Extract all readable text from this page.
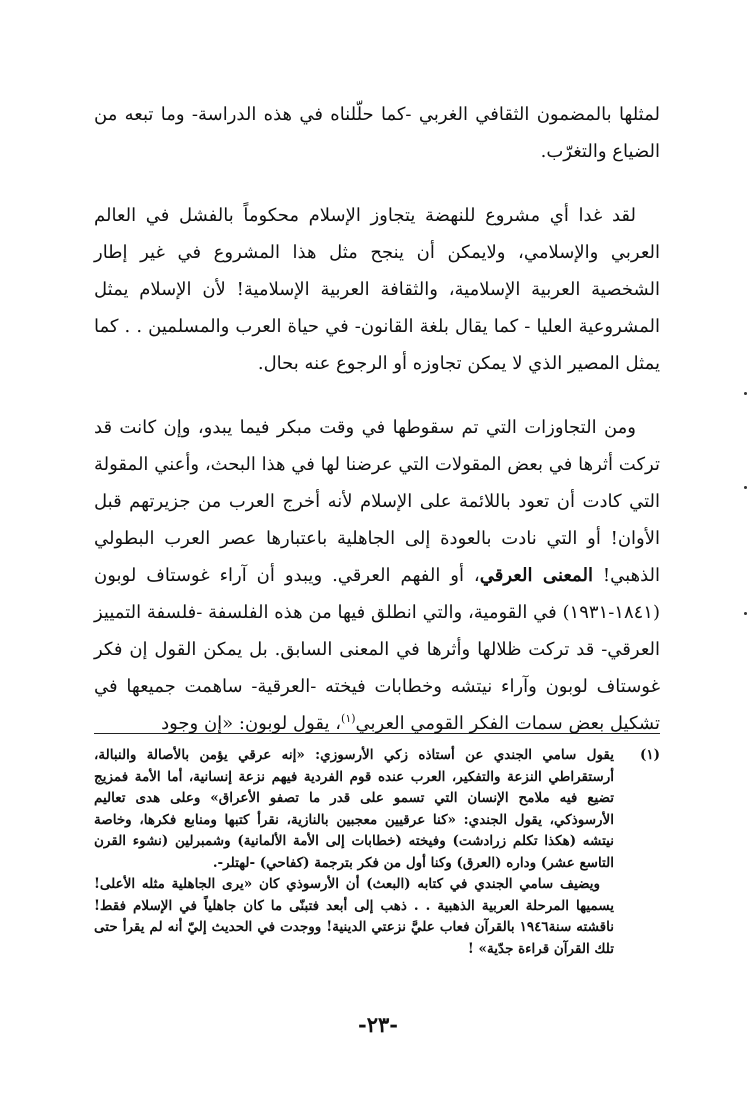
لمثلها بالمضمون الثقافي الغربي -كما حلّلناه في هذه الدراسة- وما تبعه من الضياع والتغرّب.

لقد غدا أي مشروع للنهضة يتجاوز الإسلام محكوماً بالفشل في العالم العربي والإسلامي، ولايمكن أن ينجح مثل هذا المشروع في غير إطار الشخصية العربية الإسلامية، والثقافة العربية الإسلامية! لأن الإسلام يمثل المشروعية العليا - كما يقال بلغة القانون- في حياة العرب والمسلمين . . كما يمثل المصير الذي لا يمكن تجاوزه أو الرجوع عنه بحال.

ومن التجاوزات التي تم سقوطها في وقت مبكر فيما يبدو، وإن كانت قد تركت أثرها في بعض المقولات التي عرضنا لها في هذا البحث، وأعني المقولة التي كادت أن تعود باللائمة على الإسلام لأنه أخرج العرب من جزيرتهم قبل الأوان! أو التي نادت بالعودة إلى الجاهلية باعتبارها عصر العرب البطولي الذهبي! المعنى العرقي، أو الفهم العرقي. ويبدو أن آراء غوستاف لوبون (١٨٤١-١٩٣١) في القومية، والتي انطلق فيها من هذه الفلسفة -فلسفة التمييز العرقي- قد تركت ظلالها وأثرها في المعنى السابق. بل يمكن القول إن فكر غوستاف لوبون وآراء نيتشه وخطابات فيخته -العرقية- ساهمت جميعها في تشكيل بعض سمات الفكر القومي العربي$^{(١)}$، يقول لوبون: «إن وجود

(١)
يقول سامي الجندي عن أستاذه زكي الأرسوزي: «إنه عرقي يؤمن بالأصالة والنبالة، أرستقراطي النزعة والتفكير، العرب عنده قوم الفردية فيهم نزعة إنسانية، أما الأمة فمزيج تضيع فيه ملامح الإنسان التي تسمو على قدر ما تصفو الأعراق» وعلى هدى تعاليم الأرسوذكي، يقول الجندي: «كنا عرقيين معجبين بالنازية، نقرأ كتبها ومنابع فكرها، وخاصة نيتشه (هكذا تكلم زرادشت) وفيخته (خطابات إلى الأمة الألمانية) وشمبرلين (نشوء القرن التاسع عشر) وداره (العرق) وكنا أول من فكر بترجمة (كفاحي) -لهتلر-.
ويضيف سامي الجندي في كتابه (البعث) أن الأرسوذي كان «يرى الجاهلية مثله الأعلى! يسميها المرحلة العربية الذهبية . . ذهب إلى أبعد فتبنّى ما كان جاهلياً في الإسلام فقط! ناقشته سنة١٩٤٦ بالقرآن فعاب عليَّ نزعتي الدينية! ووجدت في الحديث إليّ أنه لم يقرأ حتى تلك القرآن قراءة جدّية» !
-٢٣-
